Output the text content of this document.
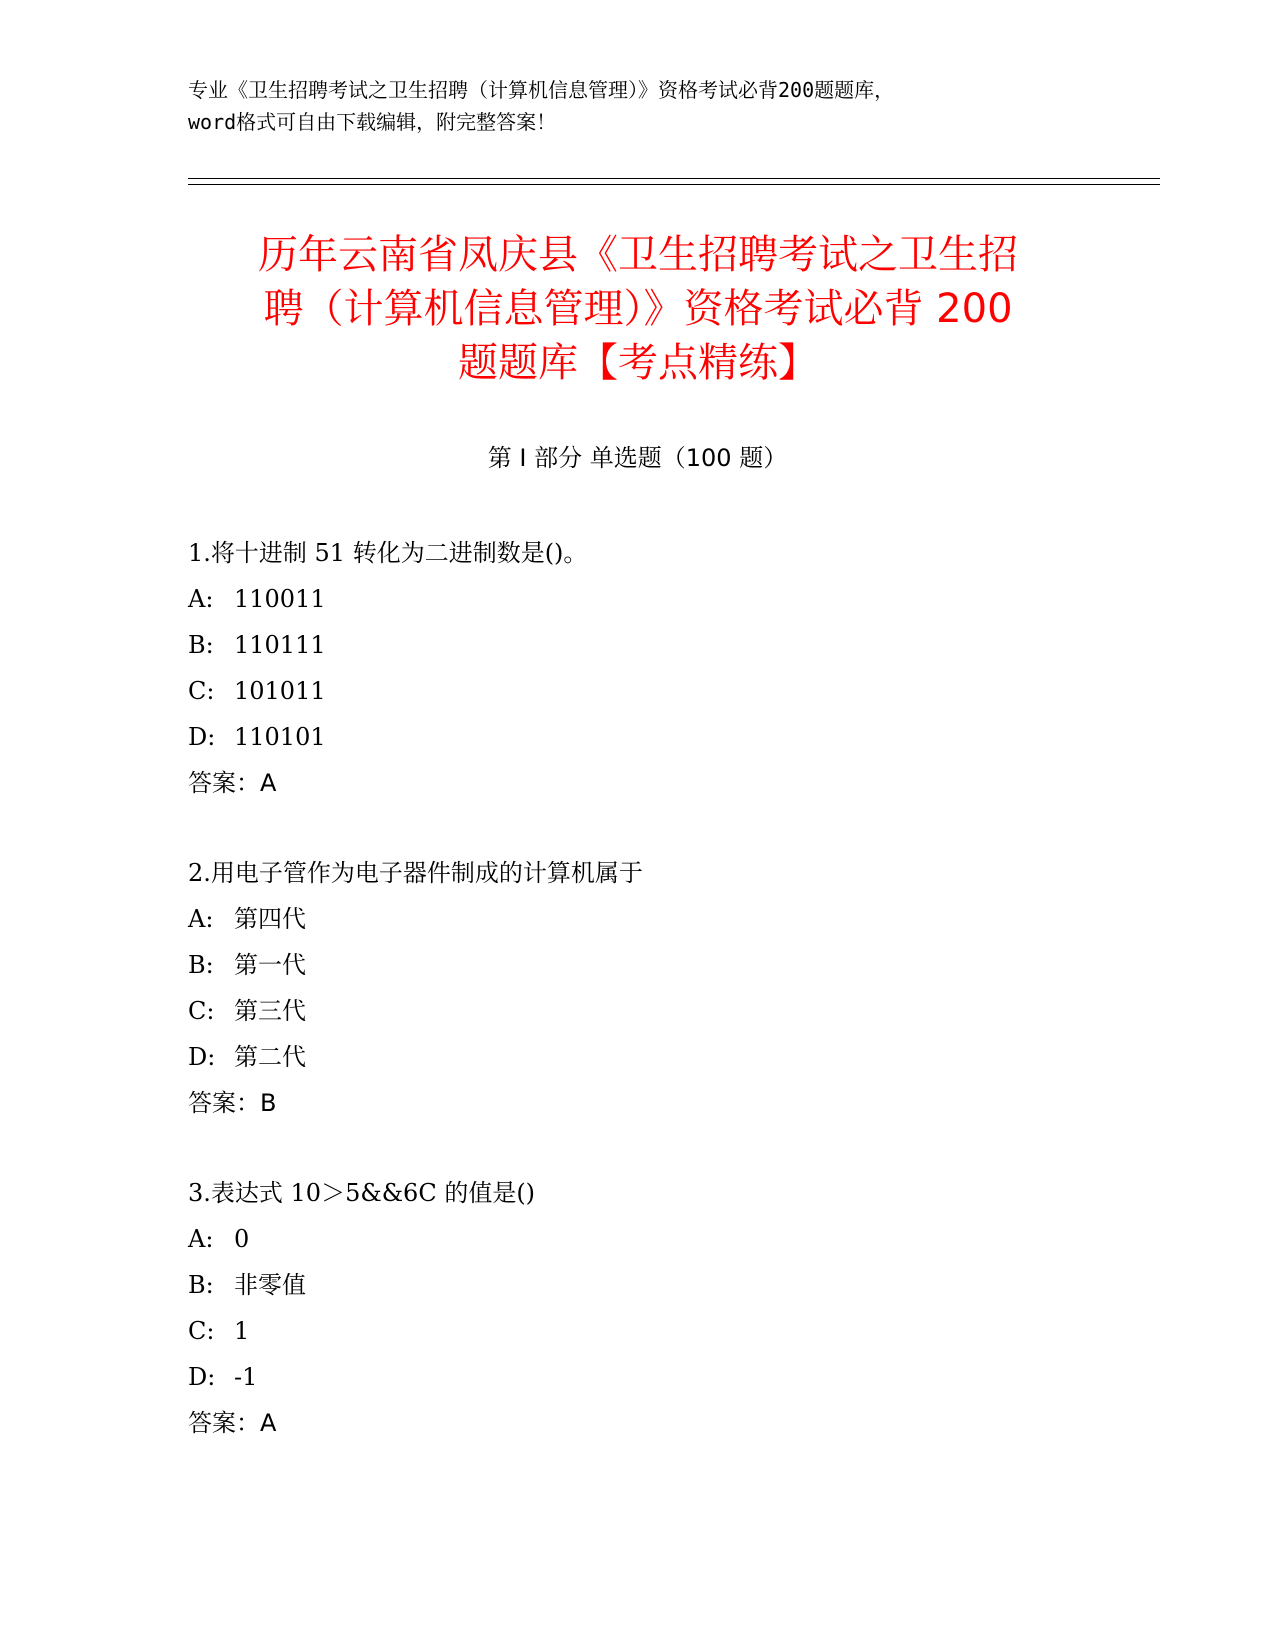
专业《卫生招聘考试之卫生招聘（计算机信息管理）》资格考试必背200题题库，
word格式可自由下载编辑，附完整答案！
历年云南省凤庆县《卫生招聘考试之卫生招
聘（计算机信息管理）》资格考试必背 200
题题库【考点精练】
第 I 部分 单选题（100 题）
1.将十进制 51 转化为二进制数是()。
A: 110011
B: 110111
C: 101011
D: 110101
答案：A
2.用电子管作为电子器件制成的计算机属于
A: 第四代
B: 第一代
C: 第三代
D: 第二代
答案：B
3.表达式 10＞5&&6C 的值是()
A: 0
B: 非零值
C: 1
D: -1
答案：A
